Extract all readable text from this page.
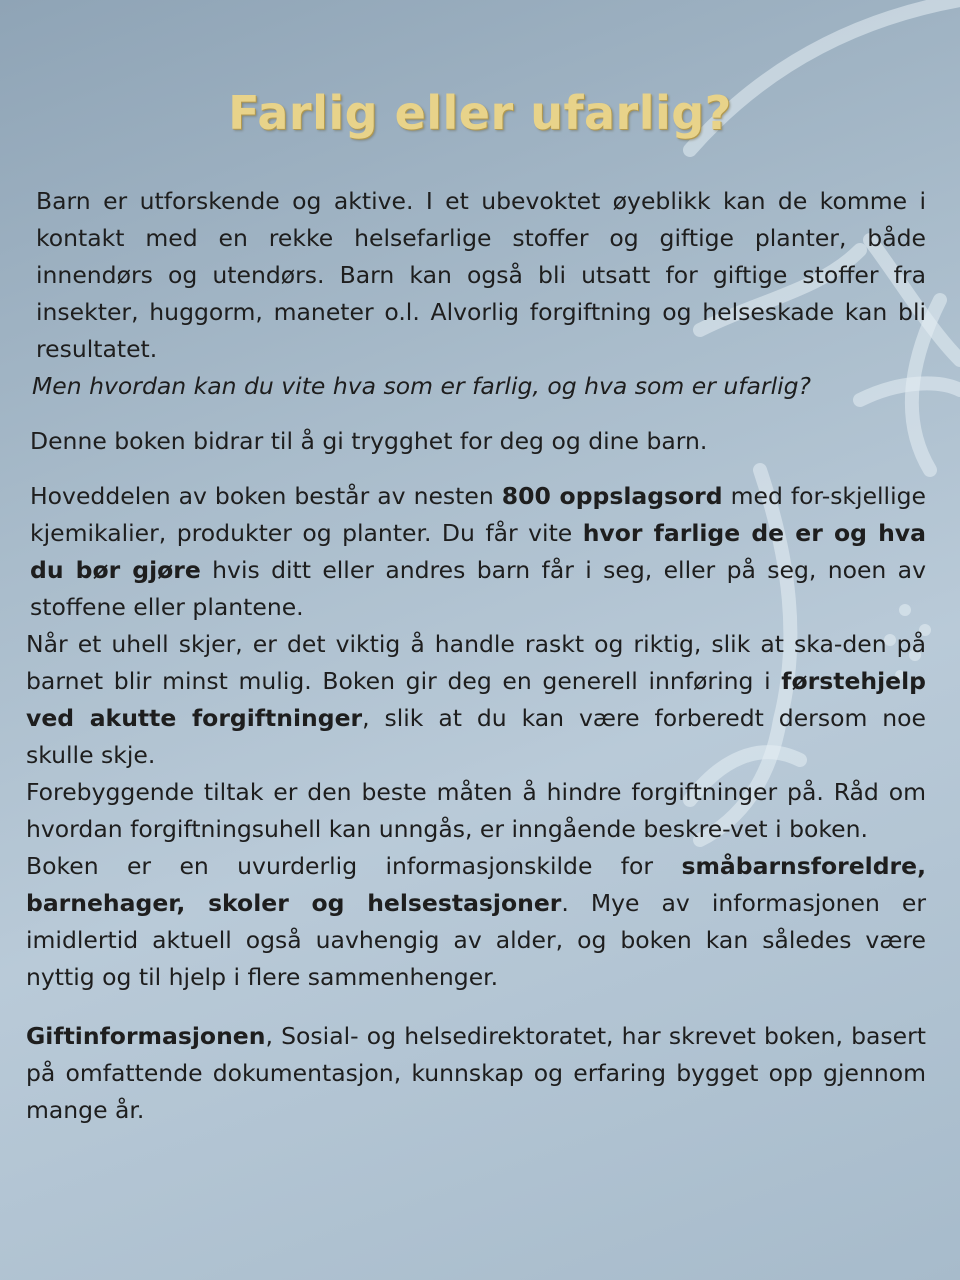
Farlig eller ufarlig?

Barn er utforskende og aktive. I et ubevoktet øyeblikk kan de komme i kontakt med en rekke helsefarlige stoffer og giftige planter, både innendørs og utendørs. Barn kan også bli utsatt for giftige stoffer fra insekter, huggorm, maneter o.l. Alvorlig forgiftning og helseskade kan bli resultatet.

Men hvordan kan du vite hva som er farlig, og hva som er ufarlig?

Denne boken bidrar til å gi trygghet for deg og dine barn.

Hoveddelen av boken består av nesten 800 oppslagsord med for-skjellige kjemikalier, produkter og planter. Du får vite hvor farlige de er og hva du bør gjøre hvis ditt eller andres barn får i seg, eller på seg, noen av stoffene eller plantene.

Når et uhell skjer, er det viktig å handle raskt og riktig, slik at ska-den på barnet blir minst mulig. Boken gir deg en generell innføring i førstehjelp ved akutte forgiftninger, slik at du kan være forberedt dersom noe skulle skje.

Forebyggende tiltak er den beste måten å hindre forgiftninger på. Råd om hvordan forgiftningsuhell kan unngås, er inngående beskre-vet i boken.

Boken er en uvurderlig informasjonskilde for småbarnsforeldre, barnehager, skoler og helsestasjoner. Mye av informasjonen er imidlertid aktuell også uavhengig av alder, og boken kan således være nyttig og til hjelp i flere sammenhenger.

Giftinformasjonen, Sosial- og helsedirektoratet, har skrevet boken, basert på omfattende dokumentasjon, kunnskap og erfaring bygget opp gjennom mange år.
